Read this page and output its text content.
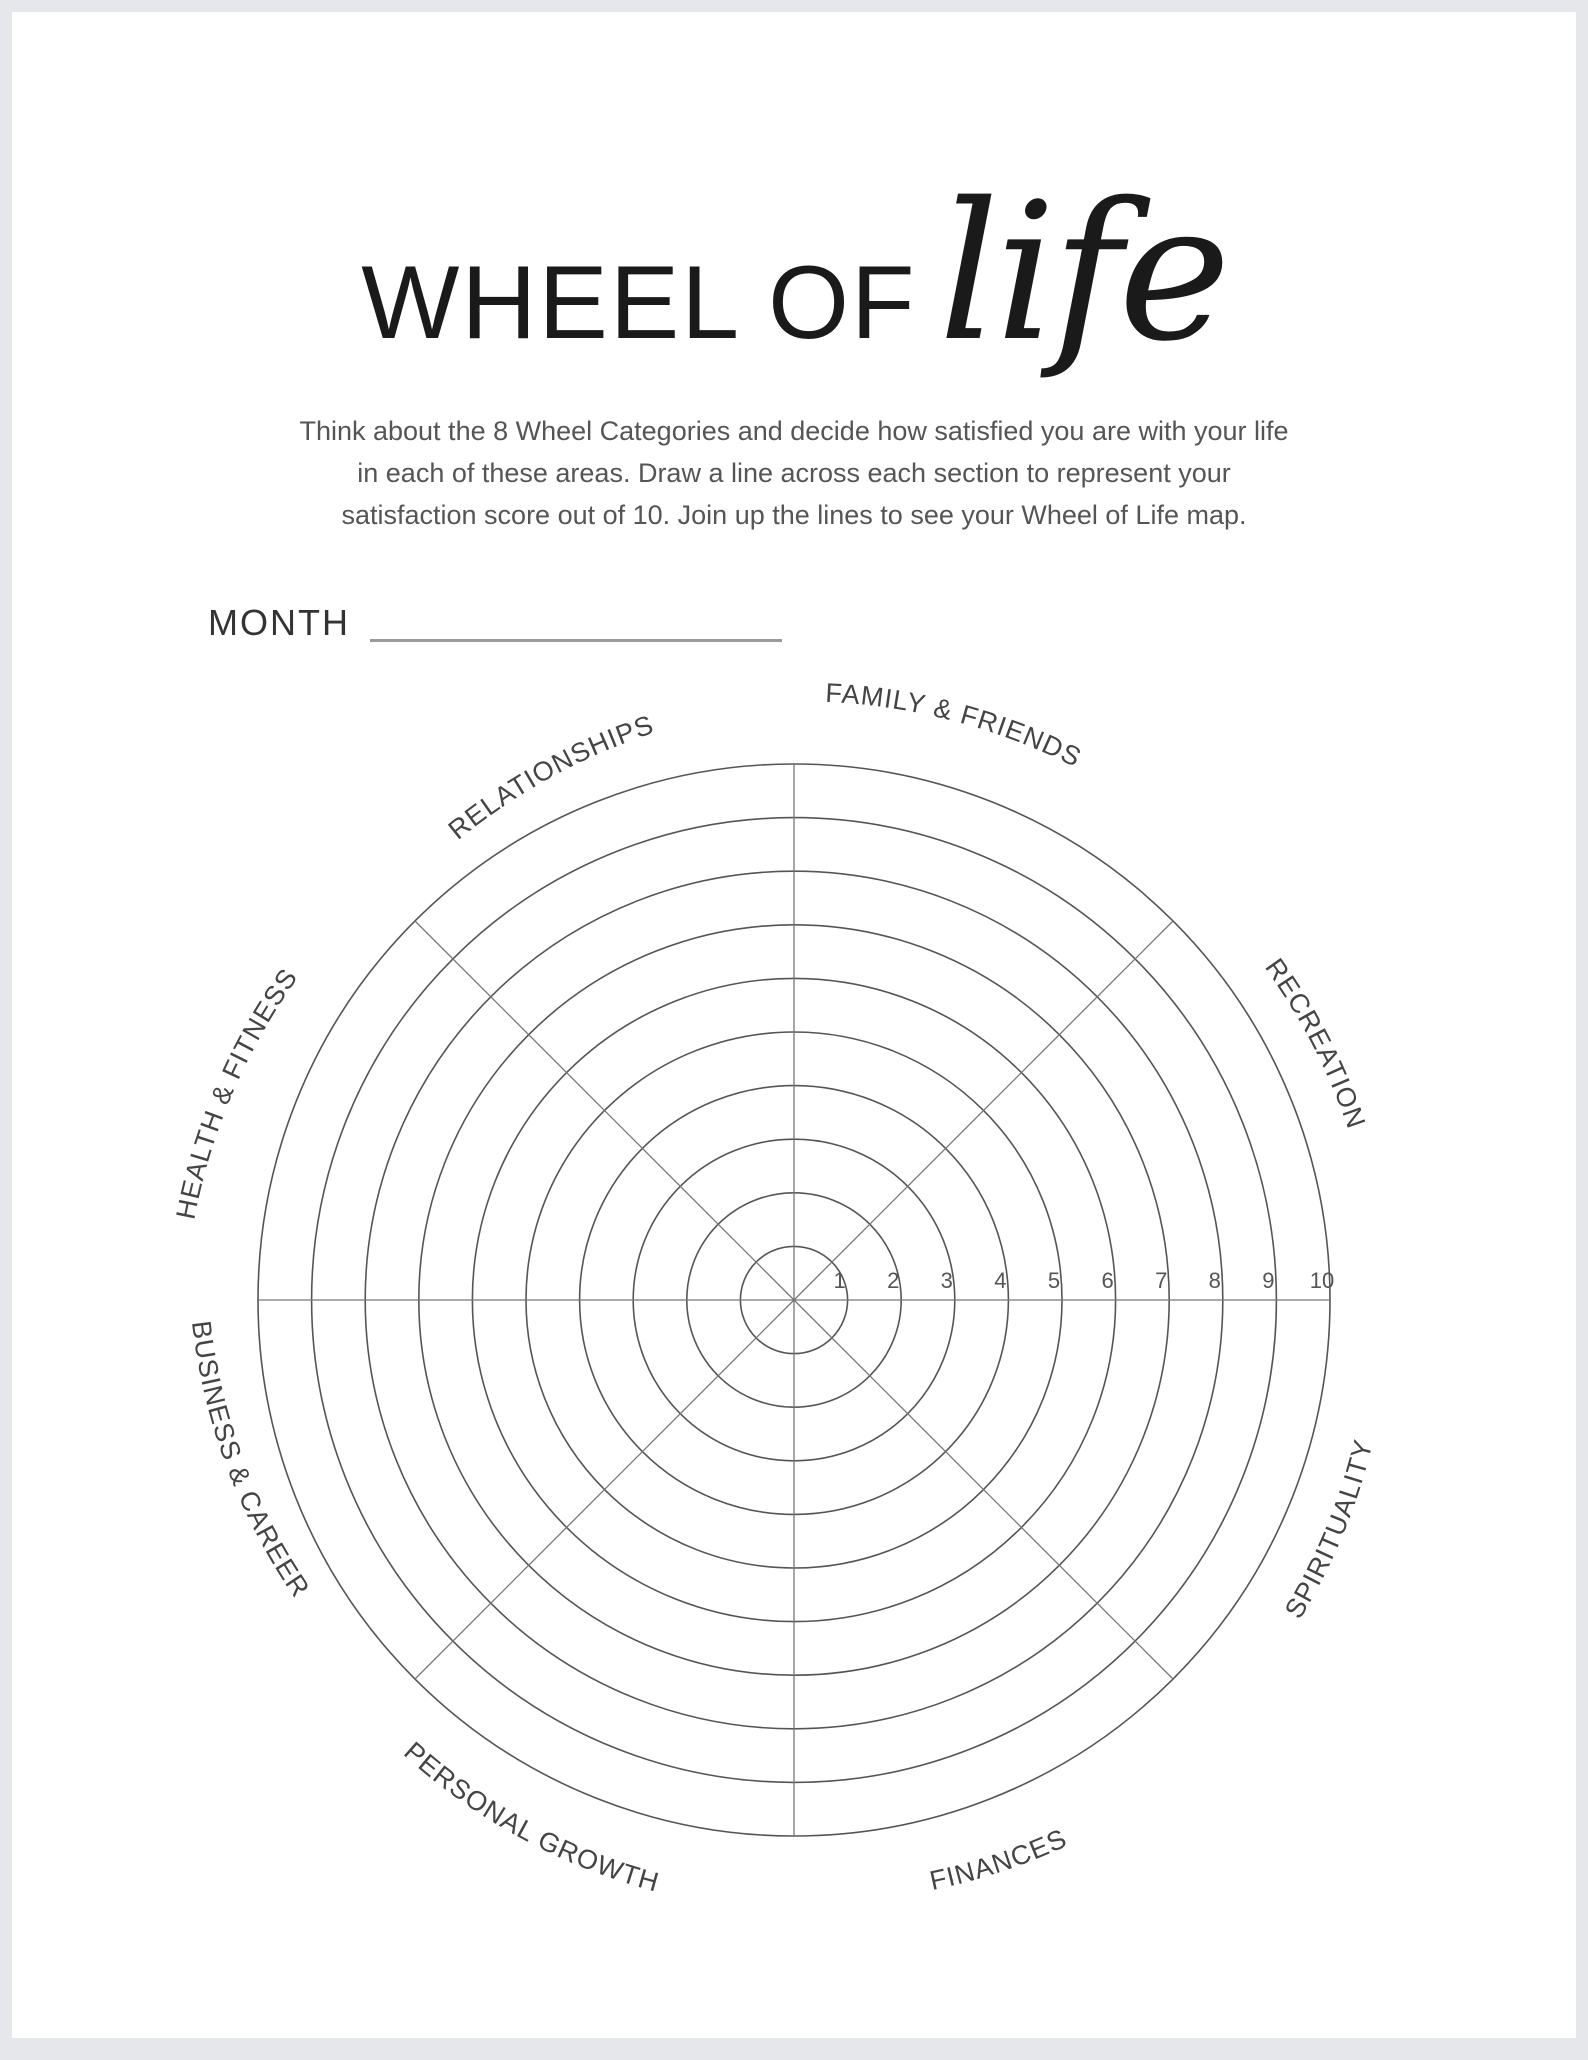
WHEEL OF life
Think about the 8 Wheel Categories and decide how satisfied you are with your life
in each of these areas. Draw a line across each section to represent your
satisfaction score out of 10. Join up the lines to see your Wheel of Life map.
MONTH
1 2 3 4 5 6 7 8 9 10
RELATIONSHIPS
FAMILY & FRIENDS
RECREATION
SPIRITUALITY
FINANCES
PERSONAL GROWTH
BUSINESS & CAREER
HEALTH & FITNESS
